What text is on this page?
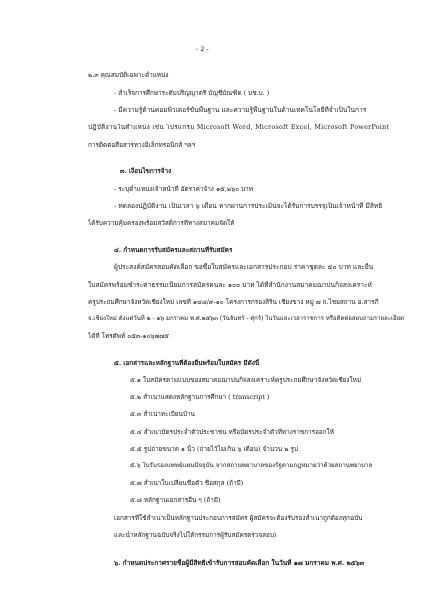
- 2 -
๒.๓ คุณสมบัติเฉพาะตำแหน่ง
- สำเร็จการศึกษาระดับปริญญาตรี บัญชีบัณฑิต ( บช.บ. )
- มีความรู้ด้านคอมพิวเตอร์ขั้นพื้นฐาน และความรู้พื้นฐานในด้านเทคโนโลยีที่จำเป็นในการ
ปฏิบัติงานในตำแหน่ง เช่น โปรแกรม Microsoft Word, Microsoft Excel, Microsoft PowerPoint
การติดต่อสื่อสารทางอิเล็กทรอนิกส์ ฯลฯ
๓. เงื่อนไขการจ้าง
- ระบุตำแหน่งเจ้าหน้าที่ อัตราค่าจ้าง ๑๕,๒๖๐ บาท
- ทดลองปฏิบัติงาน เป็นเวลา ๖ เดือน หากผ่านการประเมินจะได้รับการบรรจุเป็นเจ้าหน้าที่ มีสิทธิ
ได้รับความคุ้มครองพร้อมสวัสดิการที่ทางสมาคมจัดให้
๔. กำหนดการรับสมัครและสถานที่รับสมัคร
ผู้ประสงค์สมัครสอบคัดเลือก ขอซื้อใบสมัครและเอกสารประกอบ ราคาชุดละ ๕๐ บาท และยื่น
ใบสมัครพร้อมชำระค่าธรรมเนียมการสมัครคนละ ๑๐๐ บาท ได้ที่สำนักงานสมาคมฌาปนกิจสงเคราะห์
ครูประถมศึกษาจังหวัดเชียงใหม่ เลขที่ ๑๔๘/๙-๑๐ โครงการกรองสิริน เชียงขาง หมู่ ๗ ถ.ไชยสถาน อ.สารภี
จ.เชียงใหม่ ตั้งแต่วันที่ ๒ - ๑๖ มกราคม พ.ศ.๒๕๖๓ (วันจันทร์ - ศุกร์) ในวันและเวลาราชการ หรือติดต่อสอบถามรายละเอียด
ได้ที่ โทรศัพท์ ๐๕๓-๑๐๖๗๗๕
๕. เอกสารและหลักฐานที่ต้องยื่นพร้อมใบสมัคร มีดังนี้
๕.๑ ใบสมัครตามแบบของสมาคมฌาปนกิจสงเคราะห์ครูประถมศึกษาจังหวัดเชียงใหม่
๕.๒ สำเนาแสดงหลักฐานการศึกษา ( transcript )
๕.๓ สำเนาทะเบียนบ้าน
๕.๔ สำเนาบัตรประจำตัวประชาชน หรือบัตรประจำตัวที่ทางราชการออกให้
๕.๕ รูปถ่ายขนาด ๑ นิ้ว (ถ่ายไว้ไม่เกิน ๖ เดือน) จำนวน ๒ รูป
๕.๖ ใบรับรองแพทย์แผนปัจจุบัน จากสถานพยาบาลของรัฐตามกฎหมายว่าด้วยสถานพยาบาล
๕.๗ สำเนาใบเปลี่ยนชื่อตัว ชื่อสกุล (ถ้ามี)
๕.๘ หลักฐานเอกสารอื่น ๆ (ถ้ามี)
เอกสารที่ใช้สำเนาเป็นหลักฐานประกอบการสมัคร ผู้สมัครจะต้องรับรองสำเนาถูกต้องทุกฉบับ
และนำหลักฐานฉบับจริงไปให้กรรมการผู้รับสมัครตรวจสอบ)
๖. กำหนดประกาศรายชื่อผู้มีสิทธิเข้ารับการสอบคัดเลือก ในวันที่ ๑๗ มกราคม พ.ศ. ๒๕๖๓
